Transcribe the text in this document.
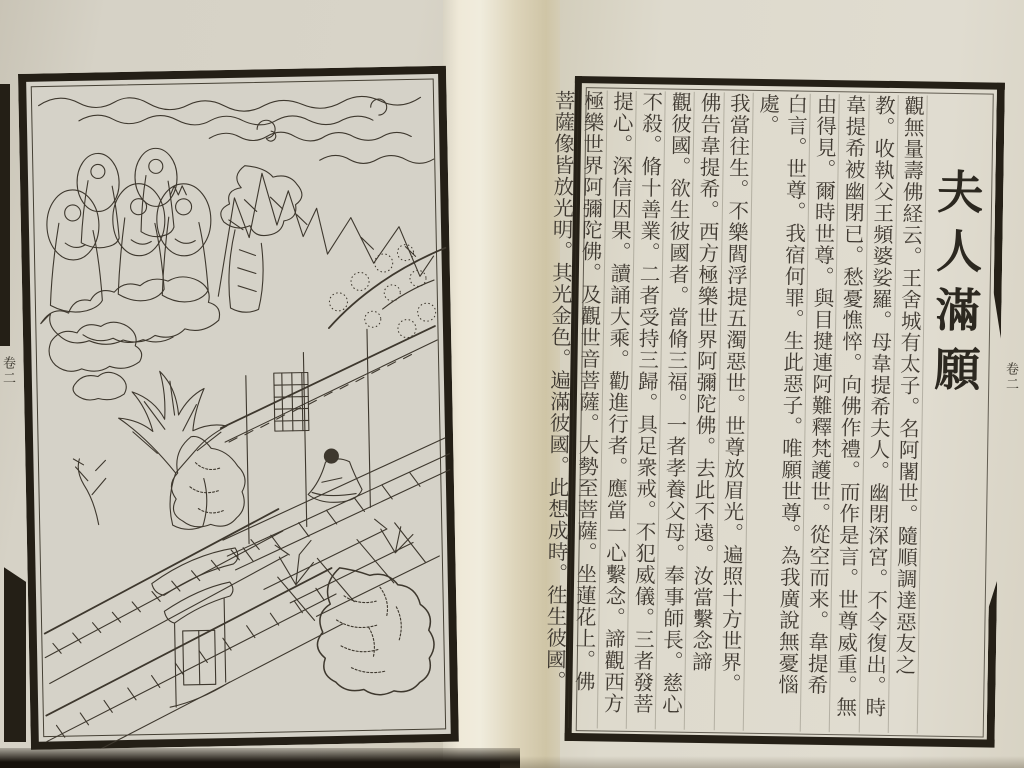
卷二	夫人滿願
觀無量壽佛経云。王舍城有太子。名阿闍世。隨順調達惡友之
教。收執父王頻婆娑羅。母韋提希夫人。幽閉深宮。不令復出。時
韋提希被幽閉已。愁憂憔悴。向佛作禮。而作是言。世尊威重。無
由得見。爾時世尊。與目揵連阿難釋梵護世。從空而来。韋提希
白言。世尊。我宿何罪。生此惡子。唯願世尊。為我廣說無憂惱處。
我當往生。不樂閻浮提五濁惡世。世尊放眉光。遍照十方世界。
佛告韋提希。西方極樂世界阿彌陀佛。去此不遠。汝當繫念諦
觀彼國。欲生彼國者。當脩三福。一者孝養父母。奉事師長。慈心
不殺。脩十善業。二者受持三歸。具足衆戒。不犯威儀。三者發菩
提心。深信因果。讀誦大乘。勸進行者。應當一心繫念。諦觀西方
極樂世界阿彌陀佛。及觀世音菩薩。大勢至菩薩。坐蓮花上。佛
菩薩像皆放光明。其光金色。遍滿彼國。此想成時。徃生彼國。	卷二
